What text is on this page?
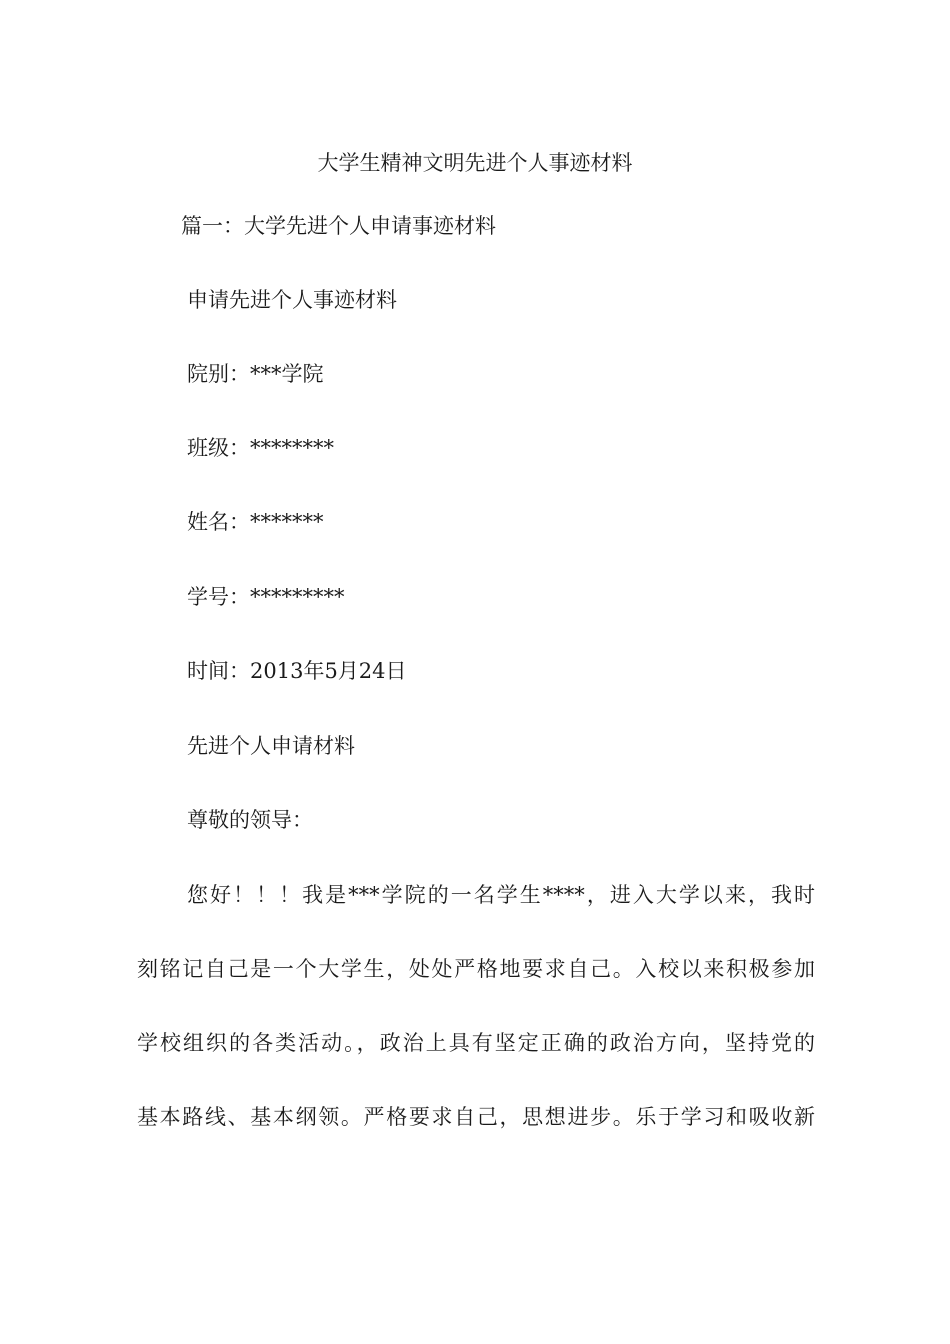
大学生精神文明先进个人事迹材料
篇一：大学先进个人申请事迹材料
申请先进个人事迹材料
院别：***学院
班级：********
姓名：*******
学号：*********
时间：2013年5月24日
先进个人申请材料
尊敬的领导：
您好！！！我是***学院的一名学生****，进入大学以来，我时
刻铭记自己是一个大学生，处处严格地要求自己。入校以来积极参加
学校组织的各类活动。，政治上具有坚定正确的政治方向，坚持党的
基本路线、基本纲领。严格要求自己，思想进步。乐于学习和吸收新
